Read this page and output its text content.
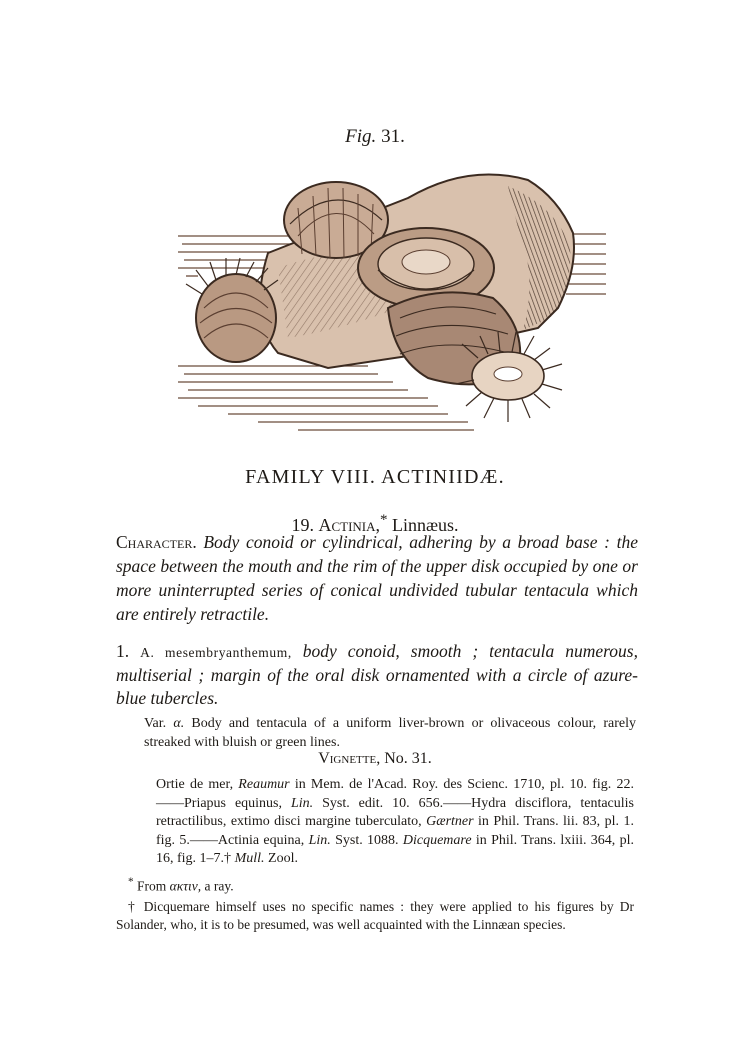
Fig. 31.
FAMILY VIII. ACTINIIDÆ.
19. Actinia,* Linnæus.
Character. Body conoid or cylindrical, adhering by a broad base : the space between the mouth and the rim of the upper disk occupied by one or more uninterrupted series of conical undivided tubular tentacula which are entirely retractile.
1. A. mesembryanthemum, body conoid, smooth ; tentacula numerous, multiserial ; margin of the oral disk ornamented with a circle of azure-blue tubercles.
Var. α. Body and tentacula of a uniform liver-brown or olivaceous colour, rarely streaked with bluish or green lines.
Vignette, No. 31.
Ortie de mer, Reaumur in Mem. de l'Acad. Roy. des Scienc. 1710, pl. 10. fig. 22.——Priapus equinus, Lin. Syst. edit. 10. 656.——Hydra disciflora, tentaculis retractilibus, extimo disci margine tuberculato, Gærtner in Phil. Trans. lii. 83, pl. 1. fig. 5.——Actinia equina, Lin. Syst. 1088. Dicquemare in Phil. Trans. lxiii. 364, pl. 16, fig. 1–7.† Mull. Zool.

* From ακτιν, a ray.

† Dicquemare himself uses no specific names : they were applied to his figures by Dr Solander, who, it is to be presumed, was well acquainted with the Linnæan species.
